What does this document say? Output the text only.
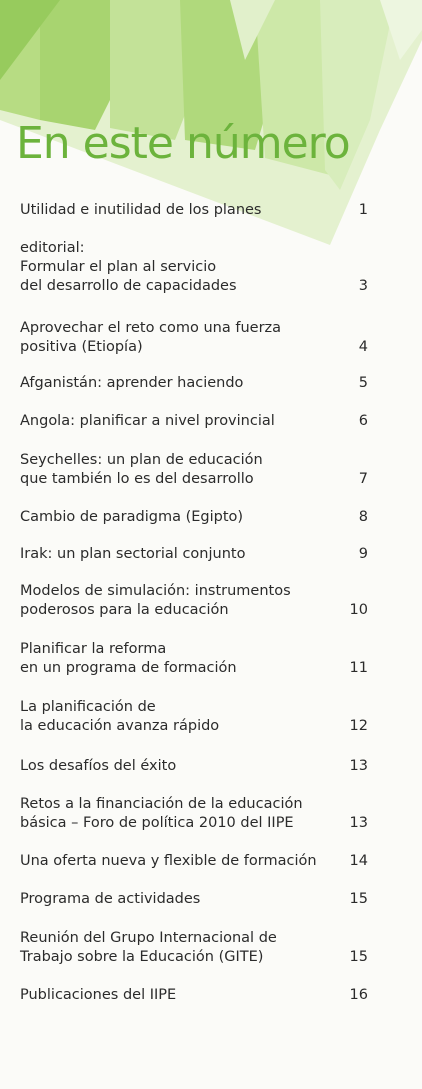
En este número
Utilidad e inutilidad de los planes	1
editorial:
Formular el plan al servicio
del desarrollo de capacidades	3
Aprovechar el reto como una fuerza
positiva (Etiopía)	4
Afganistán: aprender haciendo	5
Angola: planificar a nivel provincial	6
Seychelles: un plan de educación
que también lo es del desarrollo	7
Cambio de paradigma (Egipto)	8
Irak: un plan sectorial conjunto	9
Modelos de simulación: instrumentos
poderosos para la educación	10
Planificar la reforma
en un programa de formación	11
La planificación de
la educación avanza rápido	12
Los desafíos del éxito	13
Retos a la financiación de la educación
básica – Foro de política 2010 del IIPE	13
Una oferta nueva y flexible de formación	14
Programa de actividades	15
Reunión del Grupo Internacional de
Trabajo sobre la Educación (GITE)	15
Publicaciones del IIPE	16
